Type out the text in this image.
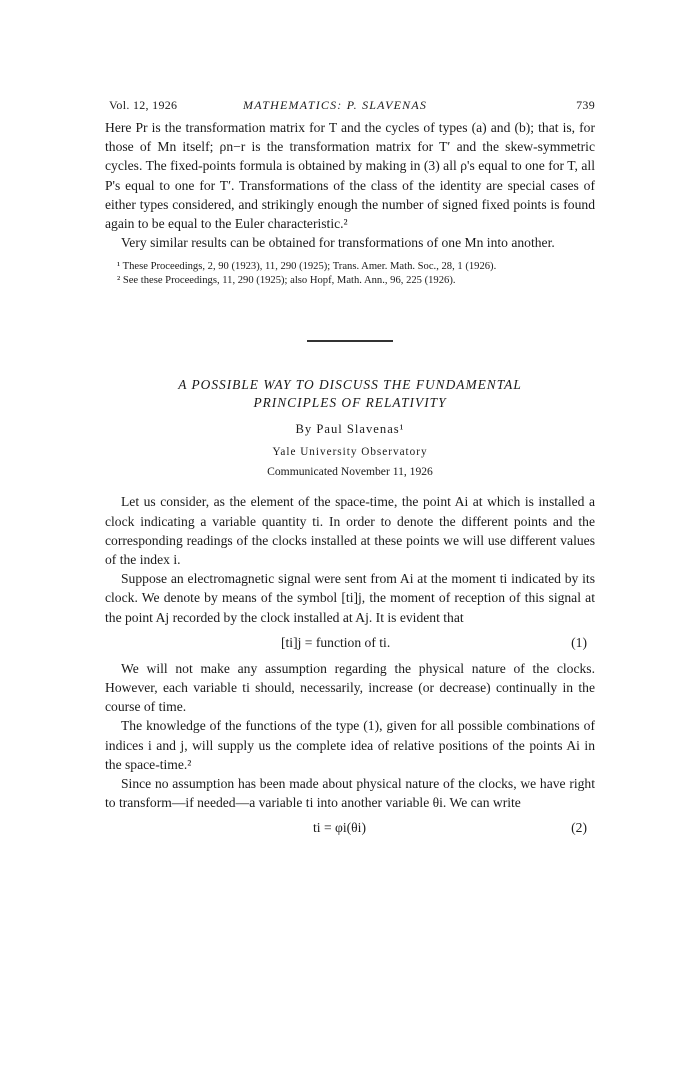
Vol. 12, 1926	MATHEMATICS: P. SLAVENAS	739

Here Pr is the transformation matrix for T and the cycles of types (a) and (b); that is, for those of Mn itself; ρn−r is the transformation matrix for T′ and the skew-symmetric cycles. The fixed-points formula is obtained by making in (3) all ρ's equal to one for T, all P's equal to one for T′. Transformations of the class of the identity are special cases of either types considered, and strikingly enough the number of signed fixed points is found again to be equal to the Euler characteristic.²

Very similar results can be obtained for transformations of one Mn into another.

¹ These Proceedings, 2, 90 (1923), 11, 290 (1925); Trans. Amer. Math. Soc., 28, 1 (1926).

² See these Proceedings, 11, 290 (1925); also Hopf, Math. Ann., 96, 225 (1926).

A POSSIBLE WAY TO DISCUSS THE FUNDAMENTAL
PRINCIPLES OF RELATIVITY
By Paul Slavenas¹
Yale University Observatory
Communicated November 11, 1926

Let us consider, as the element of the space-time, the point Ai at which is installed a clock indicating a variable quantity ti. In order to denote the different points and the corresponding readings of the clocks installed at these points we will use different values of the index i.

Suppose an electromagnetic signal were sent from Ai at the moment ti indicated by its clock. We denote by means of the symbol [ti]j, the moment of reception of this signal at the point Aj recorded by the clock installed at Aj. It is evident that

[ti]j = function of ti.	(1)

We will not make any assumption regarding the physical nature of the clocks. However, each variable ti should, necessarily, increase (or decrease) continually in the course of time.

The knowledge of the functions of the type (1), given for all possible combinations of indices i and j, will supply us the complete idea of relative positions of the points Ai in the space-time.²

Since no assumption has been made about physical nature of the clocks, we have right to transform—if needed—a variable ti into another variable θi. We can write

ti = φi(θi)	(2)
